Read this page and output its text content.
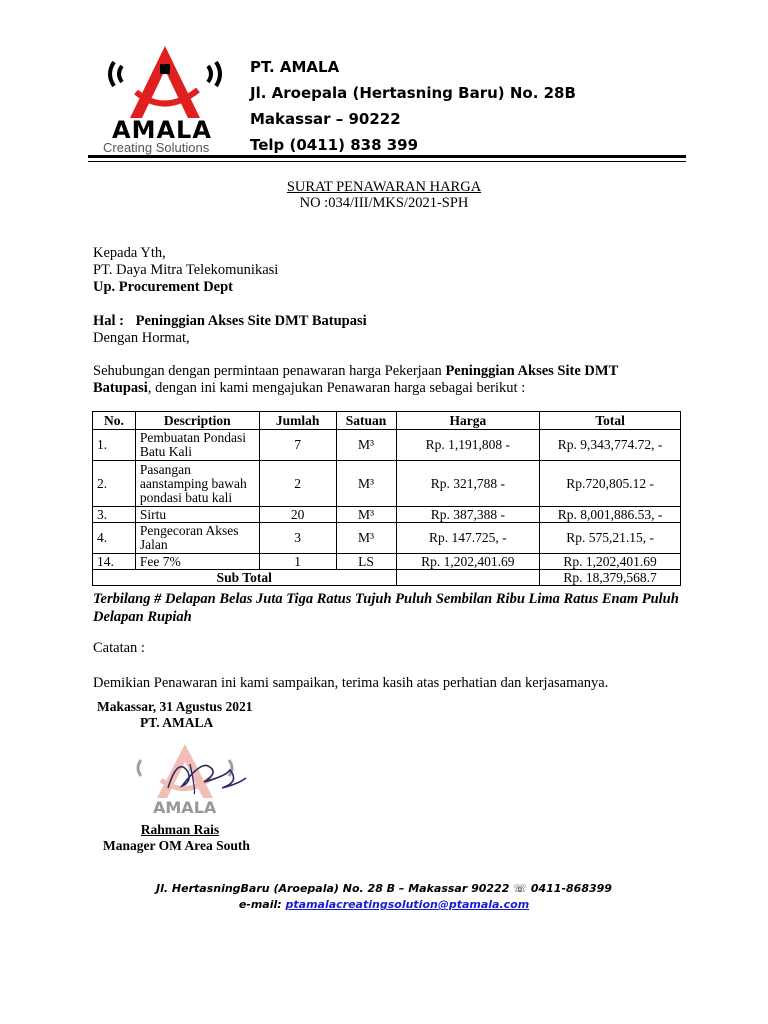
AMALA
Creating Solutions
PT. AMALA
Jl. Aroepala (Hertasning Baru) No. 28B
Makassar – 90222
Telp (0411) 838 399
SURAT PENAWARAN HARGA
NO :034/III/MKS/2021-SPH
Kepada Yth,
PT. Daya Mitra Telekomunikasi
Up. Procurement Dept
Hal : Peninggian Akses Site DMT Batupasi
Dengan Hormat,
Sehubungan dengan permintaan penawaran harga Pekerjaan Peninggian Akses Site DMT
Batupasi, dengan ini kami mengajukan Penawaran harga sebagai berikut :
No.	Description	Jumlah	Satuan	Harga	Total
1.	Pembuatan Pondasi Batu Kali	7	M³	Rp. 1,191,808 -	Rp. 9,343,774.72, -
2.	Pasangan aanstamping bawah pondasi batu kali	2	M³	Rp. 321,788 -	Rp.720,805.12 -
3.	Sirtu	20	M³	Rp. 387,388 -	Rp. 8,001,886.53, -
4.	Pengecoran Akses Jalan	3	M³	Rp. 147.725, -	Rp. 575,21.15, -
14.	Fee 7%	1	LS	Rp. 1,202,401.69	Rp. 1,202,401.69
Sub Total					Rp. 18,379,568.7
Terbilang # Delapan Belas Juta Tiga Ratus Tujuh Puluh Sembilan Ribu Lima Ratus Enam Puluh Delapan Rupiah
Catatan :
Demikian Penawaran ini kami sampaikan, terima kasih atas perhatian dan kerjasamanya.
Makassar, 31 Agustus 2021
PT. AMALA
AMALA
Rahman Rais
Manager OM Area South
Jl. HertasningBaru (Aroepala) No. 28 B – Makassar 90222 ☏ 0411-868399
e-mail: ptamalacreatingsolution@ptamala.com
